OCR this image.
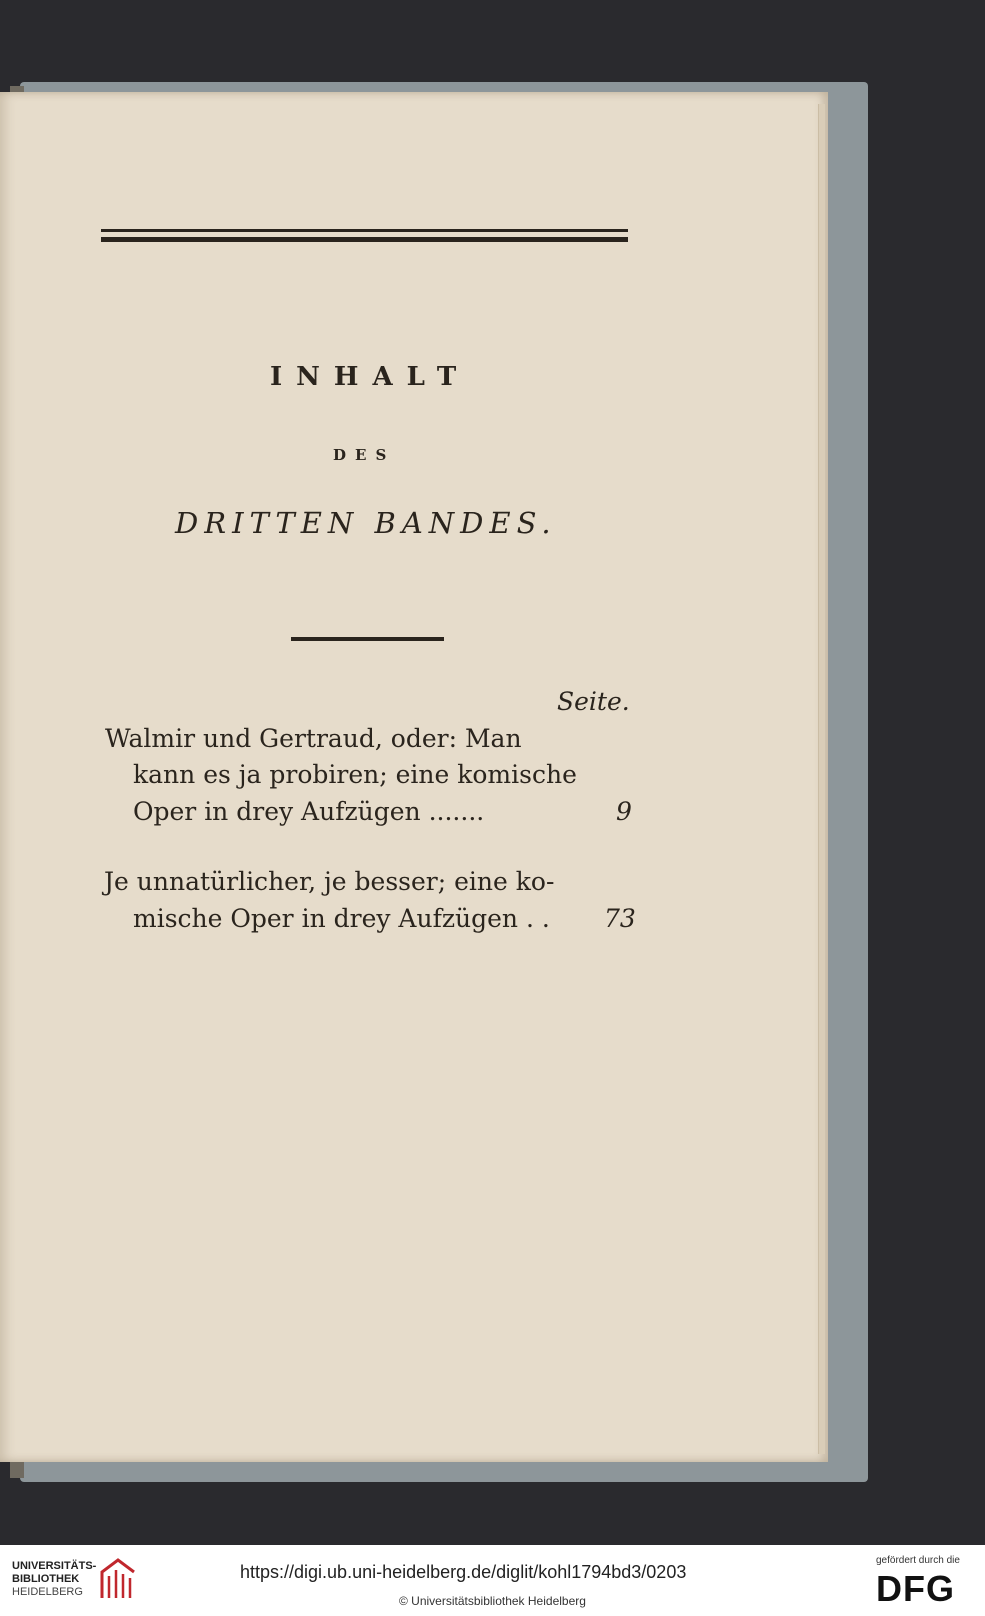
INHALT
DES
DRITTEN BANDES.
Seite.
Walmir und Gertraud, oder: Man
kann es ja probiren; eine komische
Oper in drey Aufzügen .......	9
Je unnatürlicher, je besser; eine ko-
mische Oper in drey Aufzügen . . 73
UNIVERSITÄTS-
BIBLIOTHEK
HEIDELBERG
https://digi.ub.uni-heidelberg.de/diglit/kohl1794bd3/0203
© Universitätsbibliothek Heidelberg
gefördert durch die
DFG
